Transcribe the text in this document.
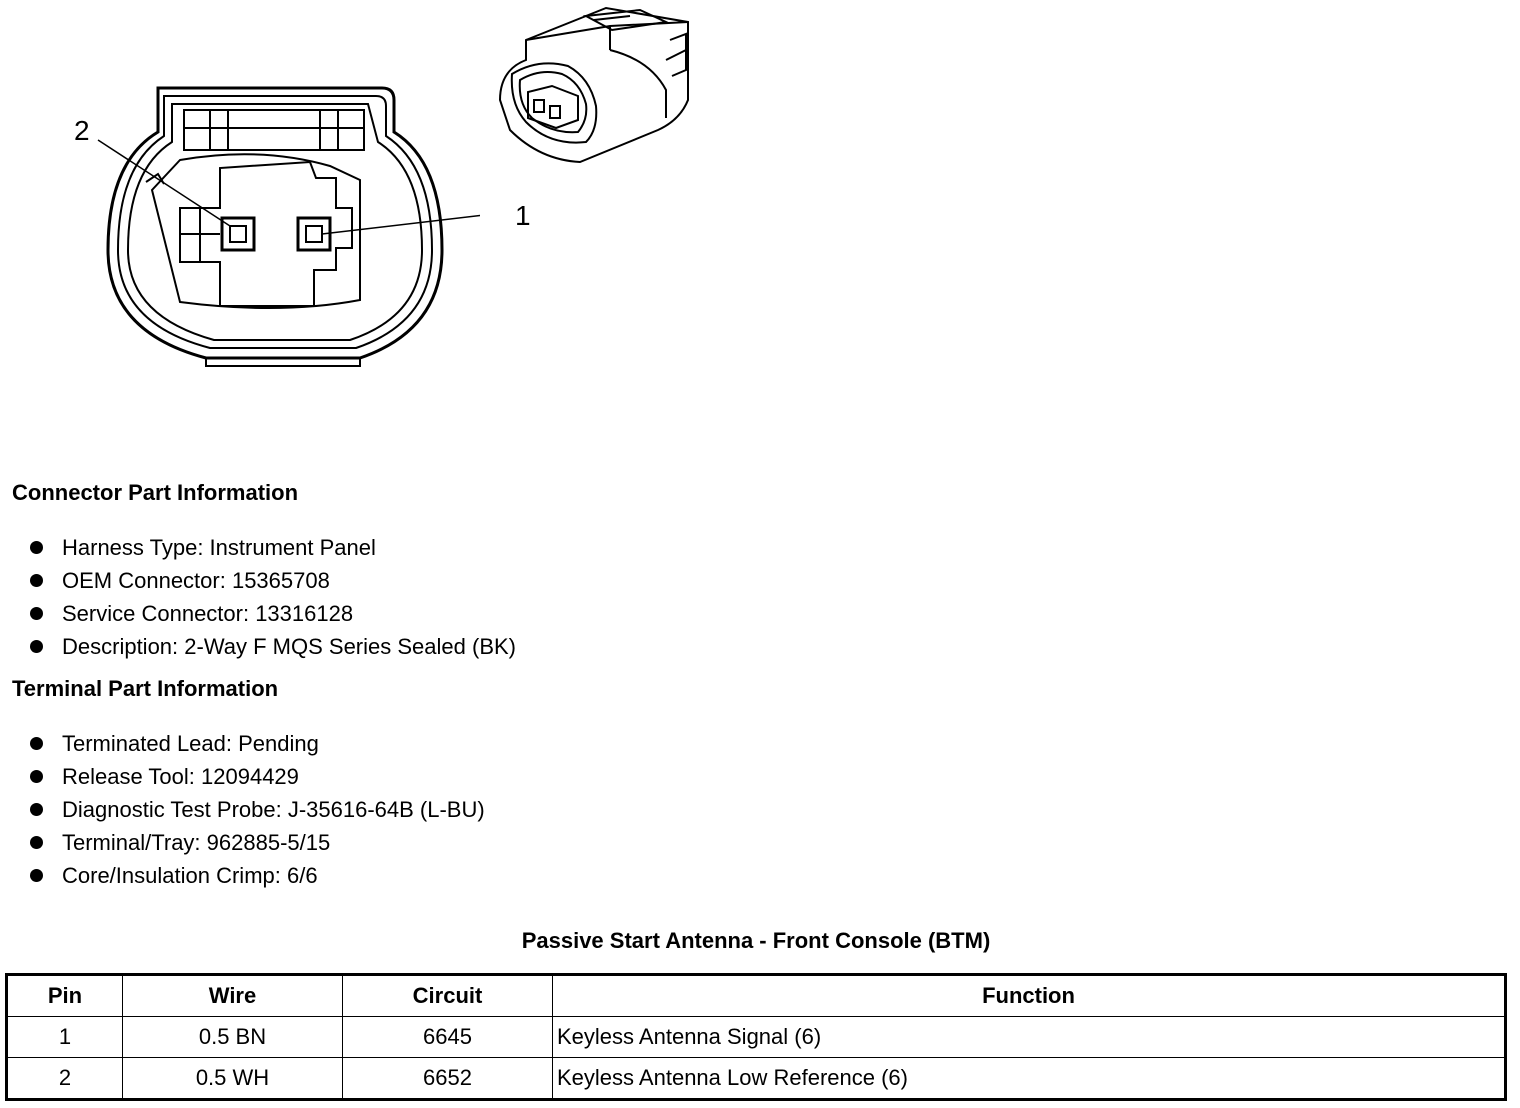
2
1
Connector Part Information
Harness Type: Instrument Panel
OEM Connector: 15365708
Service Connector: 13316128
Description: 2-Way F MQS Series Sealed (BK)
Terminal Part Information
Terminated Lead: Pending
Release Tool: 12094429
Diagnostic Test Probe: J-35616-64B (L-BU)
Terminal/Tray: 962885-5/15
Core/Insulation Crimp: 6/6
Passive Start Antenna - Front Console (BTM)
Pin	Wire	Circuit	Function
1	0.5 BN	6645	Keyless Antenna Signal (6)
2	0.5 WH	6652	Keyless Antenna Low Reference (6)
